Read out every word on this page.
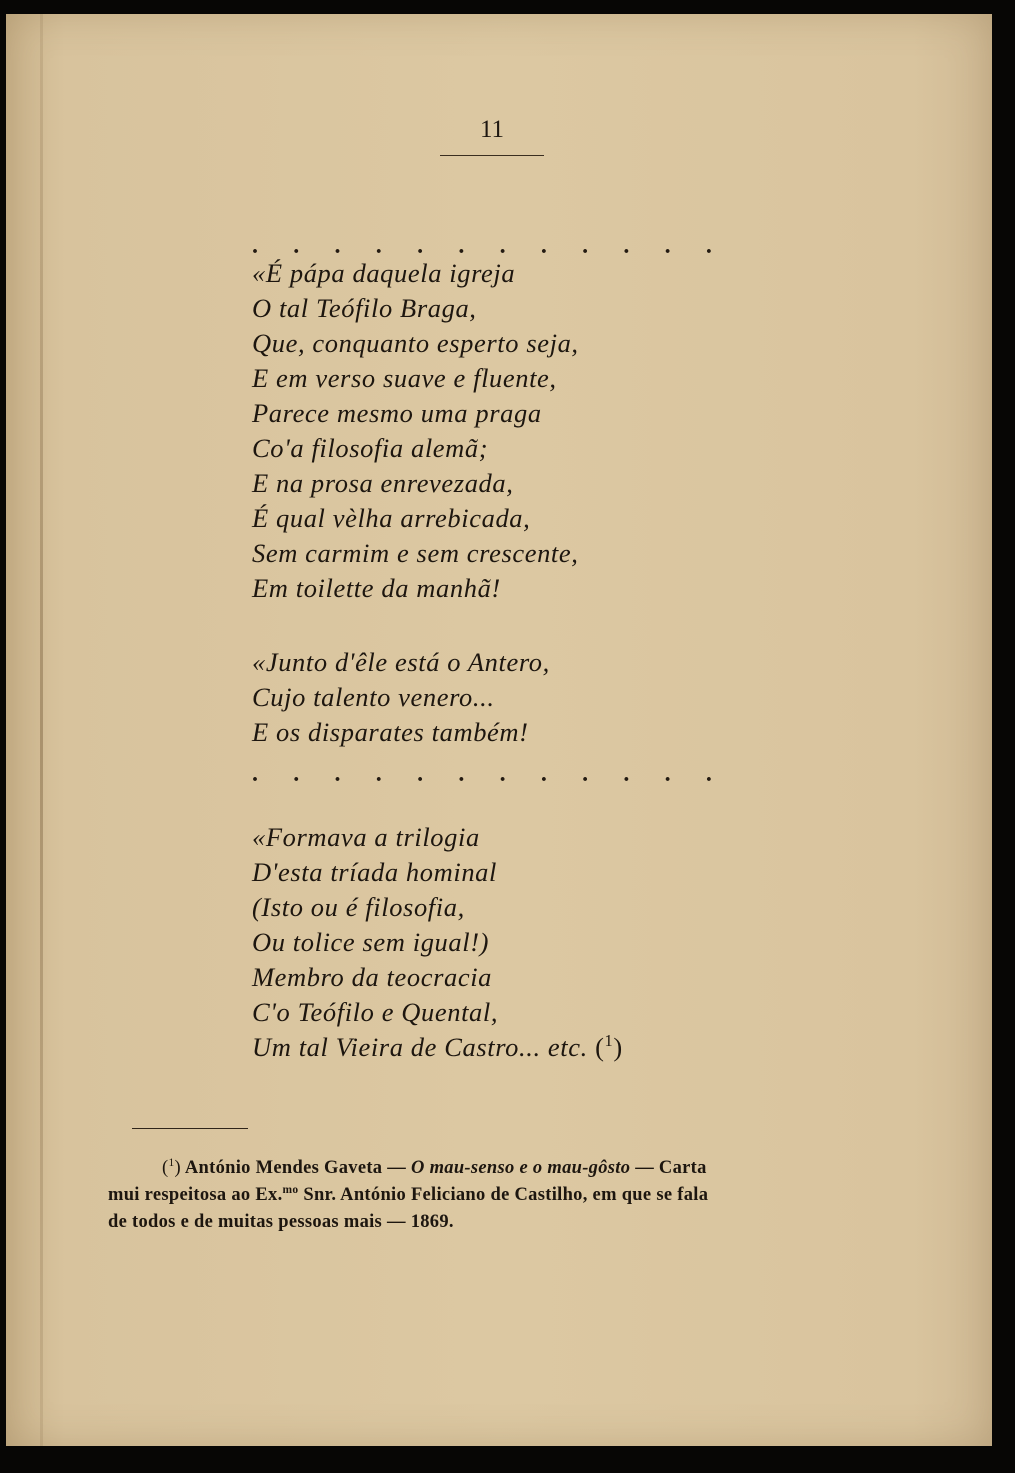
11
. . . . . . . . . . . .

«É pápa daquela igreja
O tal Teófilo Braga,
Que, conquanto esperto seja,
E em verso suave e fluente,
Parece mesmo uma praga
Co'a filosofia alemã;
E na prosa enrevezada,
É qual vèlha arrebicada,
Sem carmim e sem crescente,
Em toilette da manhã!

«Junto d'êle está o Antero,
Cujo talento venero...
E os disparates também!

. . . . . . . . . . . .

«Formava a trilogia
D'esta tríada hominal
(Isto ou é filosofia,
Ou tolice sem igual!)
Membro da teocracia
C'o Teófilo e Quental,
Um tal Vieira de Castro... etc. ($^1$)

($^1$) António Mendes Gaveta — O mau-senso e o mau-gôsto — Carta
mui respeitosa ao Ex.$^{mo}$ Snr. António Feliciano de Castilho, em que se fala
de todos e de muitas pessoas mais — 1869.
